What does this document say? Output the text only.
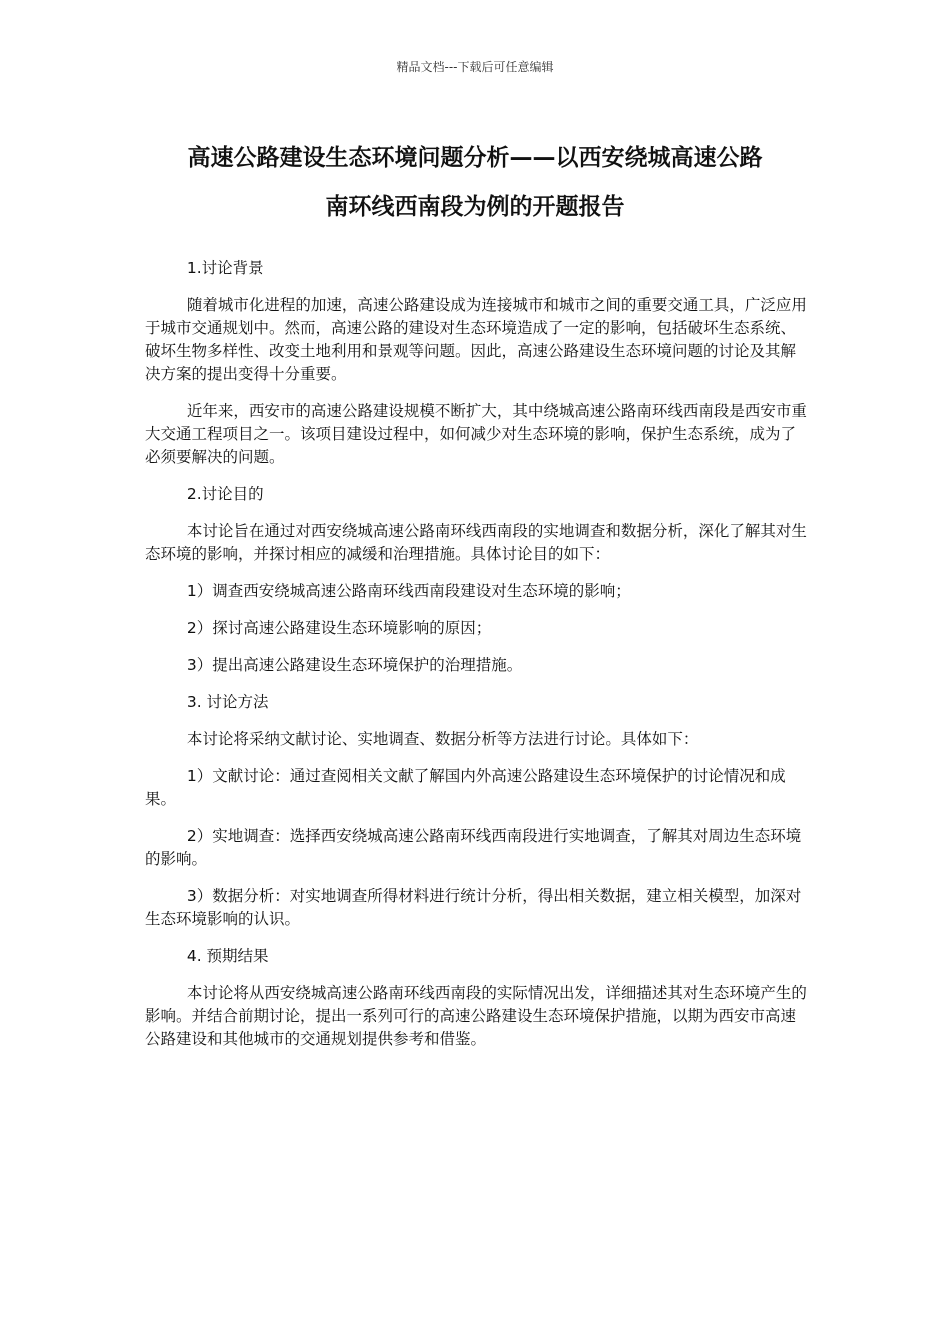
精品文档---下载后可任意编辑
高速公路建设生态环境问题分析——以西安绕城高速公路
南环线西南段为例的开题报告

1.讨论背景

随着城市化进程的加速，高速公路建设成为连接城市和城市之间的重要交通工具，广泛应用于城市交通规划中。然而，高速公路的建设对生态环境造成了一定的影响，包括破坏生态系统、破坏生物多样性、改变土地利用和景观等问题。因此，高速公路建设生态环境问题的讨论及其解决方案的提出变得十分重要。

近年来，西安市的高速公路建设规模不断扩大，其中绕城高速公路南环线西南段是西安市重大交通工程项目之一。该项目建设过程中，如何减少对生态环境的影响，保护生态系统，成为了必须要解决的问题。

2.讨论目的

本讨论旨在通过对西安绕城高速公路南环线西南段的实地调查和数据分析，深化了解其对生态环境的影响，并探讨相应的减缓和治理措施。具体讨论目的如下：

1）调查西安绕城高速公路南环线西南段建设对生态环境的影响；

2）探讨高速公路建设生态环境影响的原因；

3）提出高速公路建设生态环境保护的治理措施。

3. 讨论方法

本讨论将采纳文献讨论、实地调查、数据分析等方法进行讨论。具体如下：

1）文献讨论：通过查阅相关文献了解国内外高速公路建设生态环境保护的讨论情况和成果。

2）实地调查：选择西安绕城高速公路南环线西南段进行实地调查，了解其对周边生态环境的影响。

3）数据分析：对实地调查所得材料进行统计分析，得出相关数据，建立相关模型，加深对生态环境影响的认识。

4. 预期结果

本讨论将从西安绕城高速公路南环线西南段的实际情况出发，详细描述其对生态环境产生的影响。并结合前期讨论，提出一系列可行的高速公路建设生态环境保护措施，以期为西安市高速公路建设和其他城市的交通规划提供参考和借鉴。
